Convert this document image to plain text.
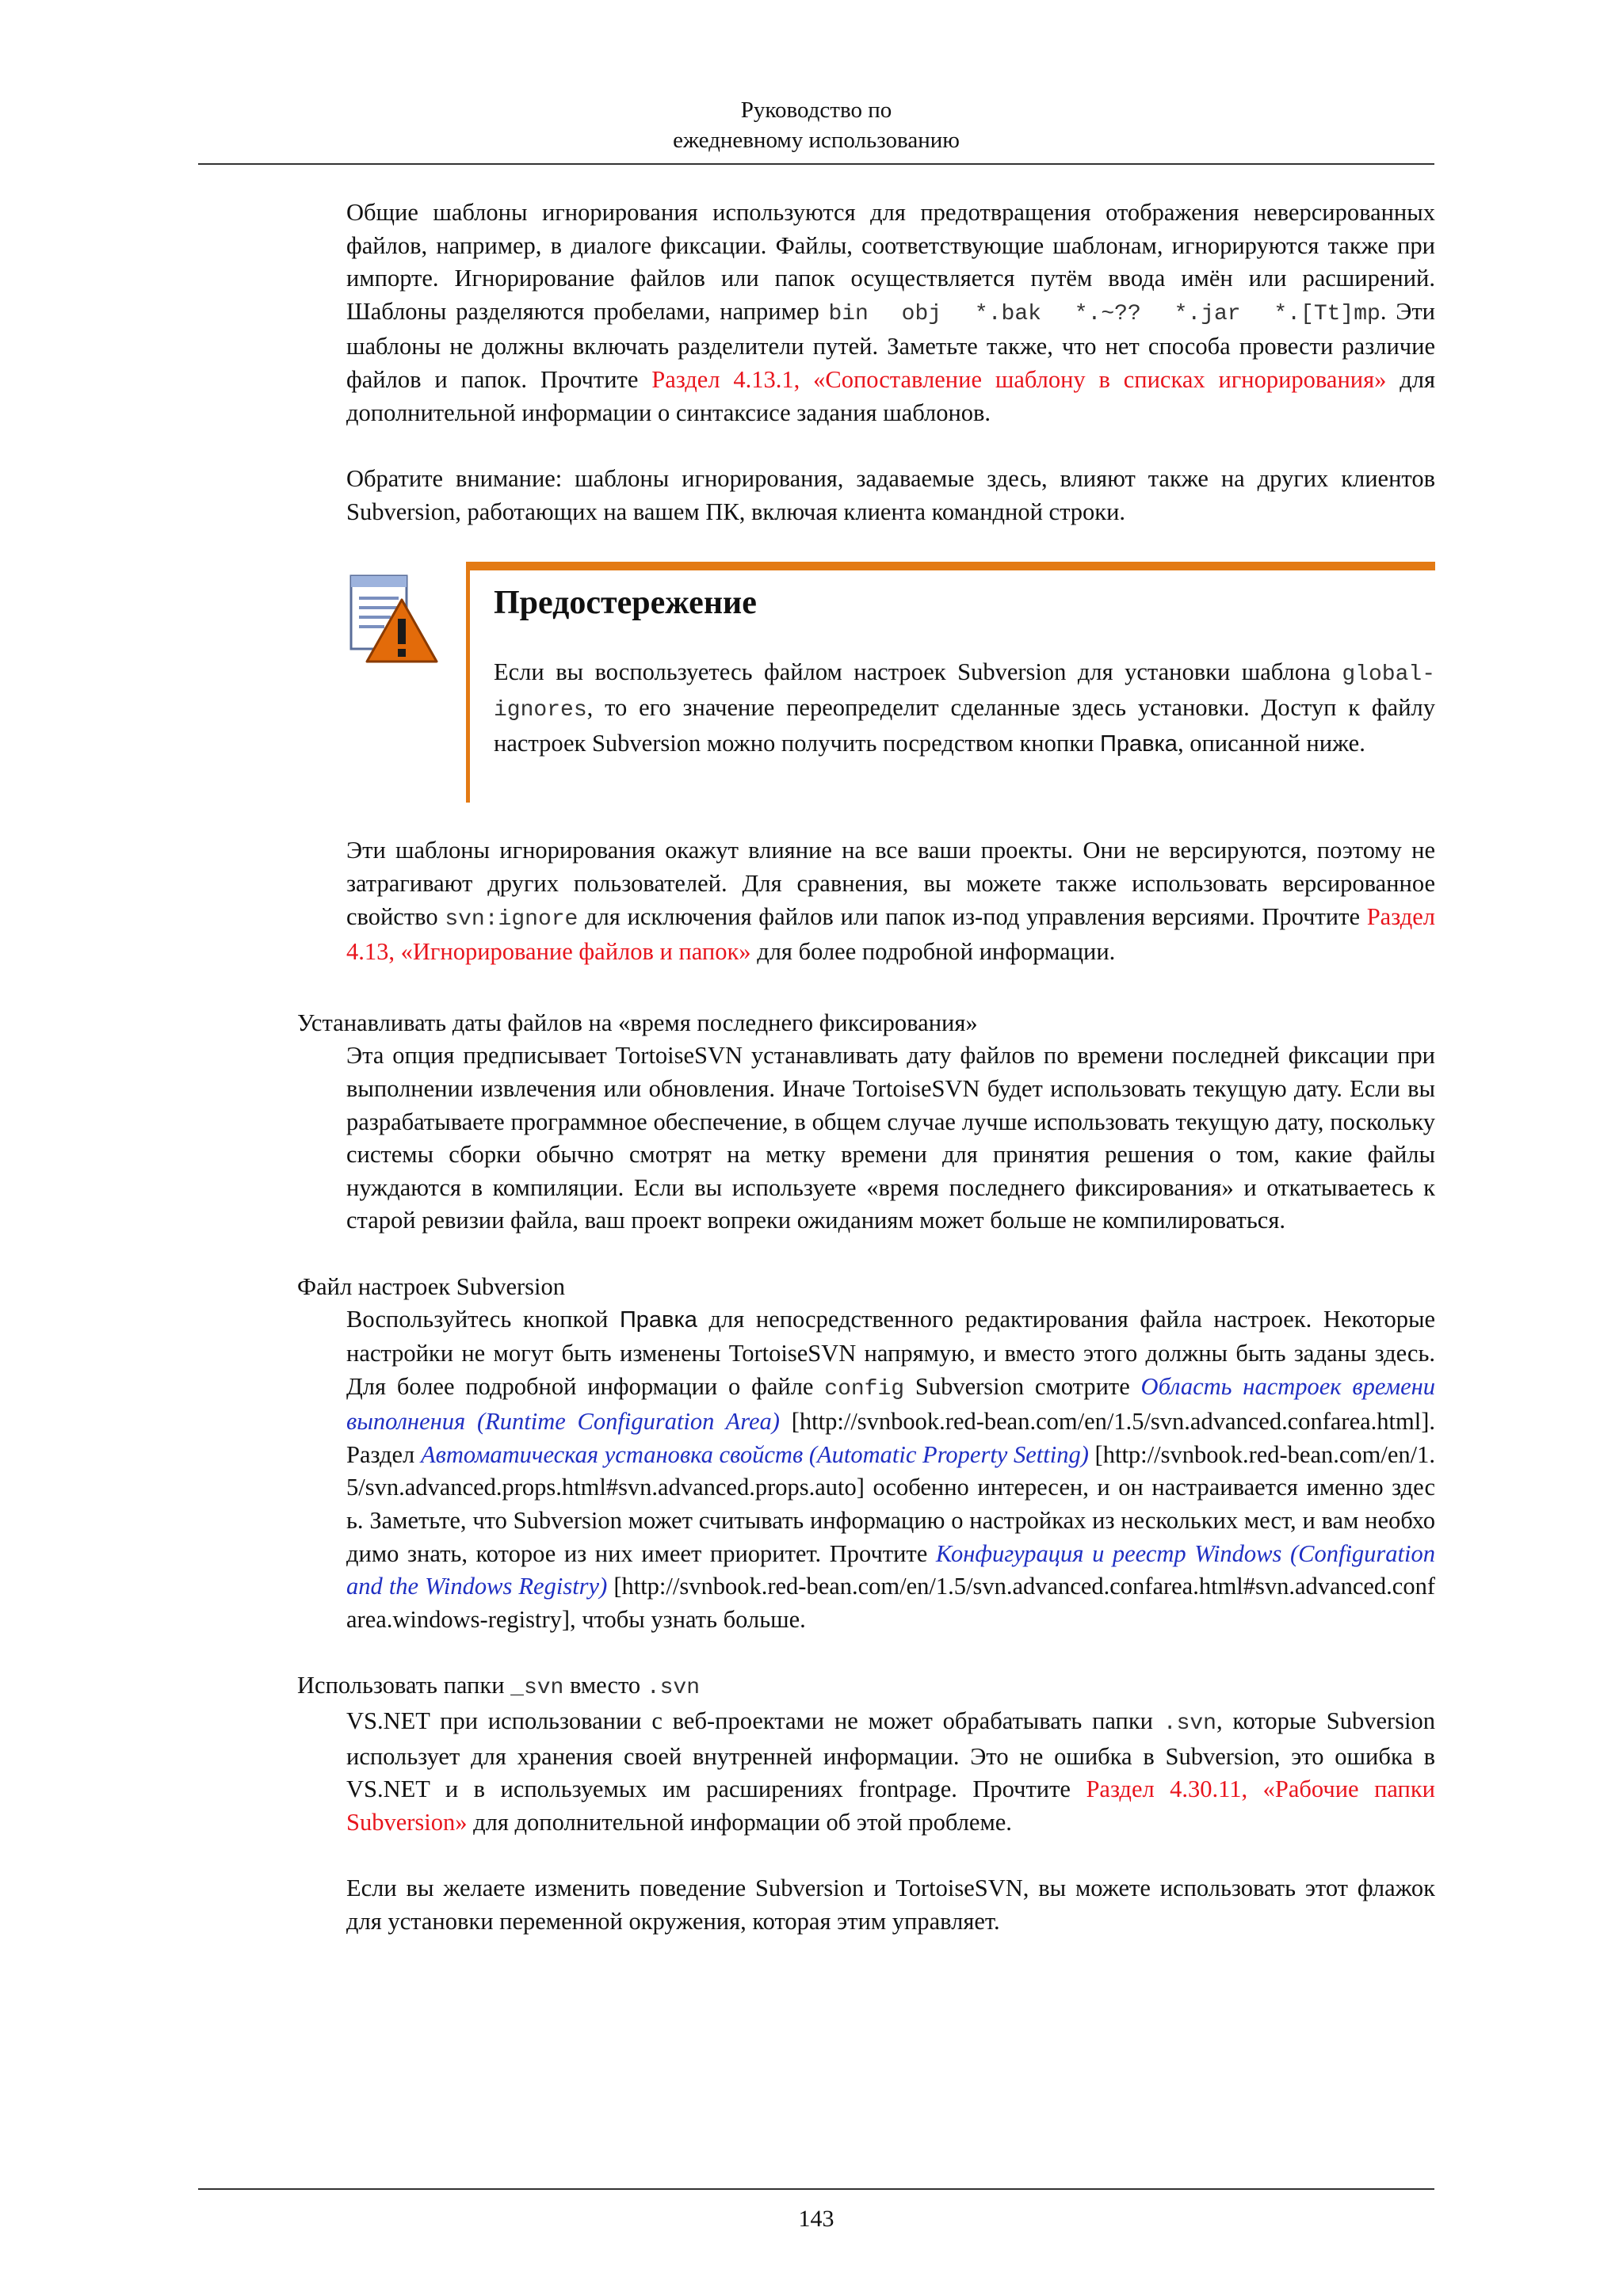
Руководство по
ежедневному использованию

Общие шаблоны игнорирования используются для предотвращения отображения неверсированных файлов, например, в диалоге фиксации. Файлы, соответствующие шаблонам, игнорируются также при импорте. Игнорирование файлов или папок осуществляется путём ввода имён или расширений. Шаблоны разделяются пробелами, например bin  obj  *.bak  *.~??  *.jar  *.[Tt]mp. Эти шаблоны не должны включать разделители путей. Заметьте также, что нет способа провести различие файлов и папок. Прочтите Раздел 4.13.1, «Сопоставление шаблону в списках игнорирования» для дополнительной информации о синтаксисе задания шаблонов.

Обратите внимание: шаблоны игнорирования, задаваемые здесь, влияют также на других клиентов Subversion, работающих на вашем ПК, включая клиента командной строки.

Предостережение

Если вы воспользуетесь файлом настроек Subversion для установки шаблона global-ignores, то его значение переопределит сделанные здесь установки. Доступ к файлу настроек Subversion можно получить посредством кнопки Правка, описанной ниже.

Эти шаблоны игнорирования окажут влияние на все ваши проекты. Они не версируются, поэтому не затрагивают других пользователей. Для сравнения, вы можете также использовать версированное свойство svn:ignore для исключения файлов или папок из-под управления версиями. Прочтите Раздел 4.13, «Игнорирование файлов и папок» для более подробной информации.

Устанавливать даты файлов на «время последнего фиксирования»

Эта опция предписывает TortoiseSVN устанавливать дату файлов по времени последней фиксации при выполнении извлечения или обновления. Иначе TortoiseSVN будет использовать текущую дату. Если вы разрабатываете программное обеспечение, в общем случае лучше использовать текущую дату, поскольку системы сборки обычно смотрят на метку времени для принятия решения о том, какие файлы нуждаются в компиляции. Если вы используете «время последнего фиксирования» и откатываетесь к старой ревизии файла, ваш проект вопреки ожиданиям может больше не компилироваться.

Файл настроек Subversion

Воспользуйтесь кнопкой Правка для непосредственного редактирования файла настроек. Некоторые настройки не могут быть изменены TortoiseSVN напрямую, и вместо этого должны быть заданы здесь. Для более подробной информации о файле config Subversion смотрите Область настроек времени выполнения (Runtime Configuration Area) [http://svnbook.red-bean.com/en/1.5/svn.advanced.confarea.html]. Раздел Автоматическая установка свойств (Automatic Property Setting) [http://svnbook.red-bean.com/en/1.5/svn.advanced.props.html#svn.advanced.props.auto] особенно интересен, и он настраивается именно здесь. Заметьте, что Subversion может считывать информацию о настройках из нескольких мест, и вам необходимо знать, которое из них имеет приоритет. Прочтите Конфигурация и реестр Windows (Configuration and the Windows Registry) [http://svnbook.red-bean.com/en/1.5/svn.advanced.confarea.html#svn.advanced.confarea.windows-registry], чтобы узнать больше.

Использовать папки _svn вместо .svn

VS.NET при использовании с веб-проектами не может обрабатывать папки .svn, которые Subversion использует для хранения своей внутренней информации. Это не ошибка в Subversion, это ошибка в VS.NET и в используемых им расширениях frontpage. Прочтите Раздел 4.30.11, «Рабочие папки Subversion» для дополнительной информации об этой проблеме.

Если вы желаете изменить поведение Subversion и TortoiseSVN, вы можете использовать этот флажок для установки переменной окружения, которая этим управляет.

143
